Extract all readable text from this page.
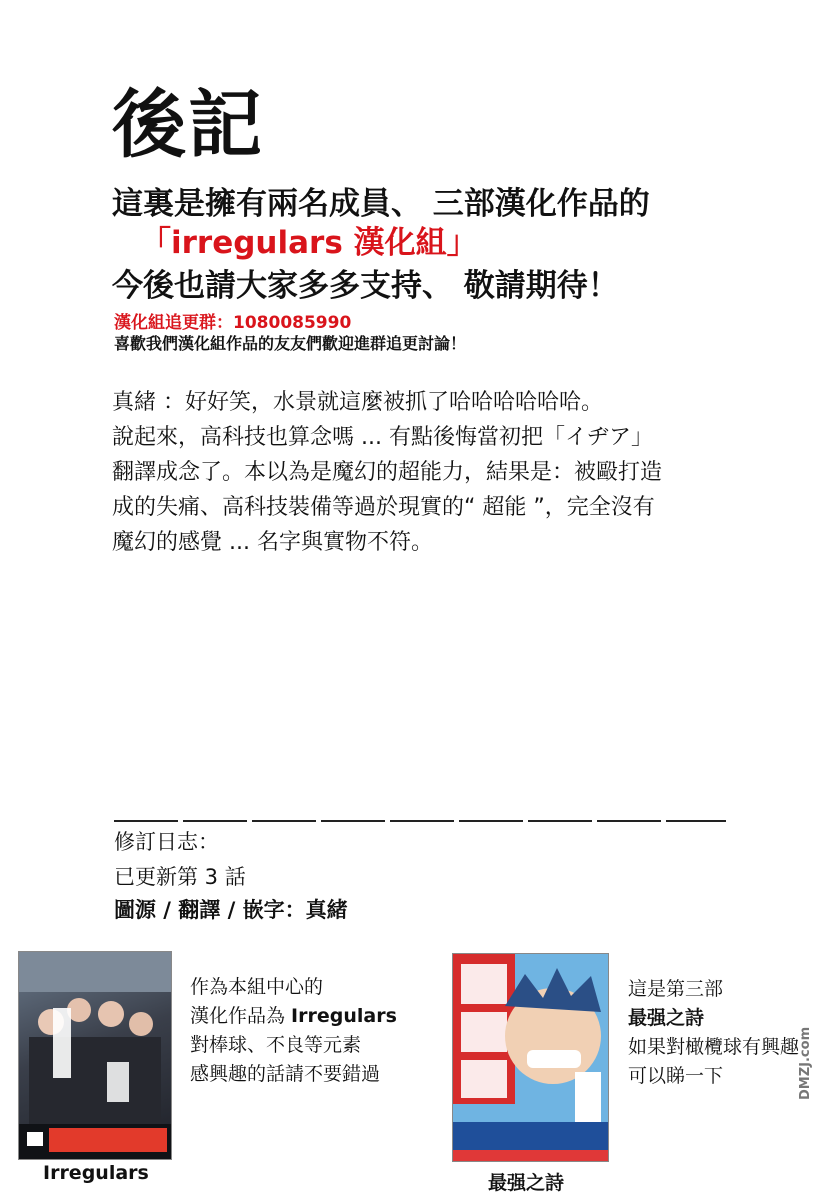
後記
這裏是擁有兩名成員、 三部漢化作品的
「irregulars 漢化組」
今後也請大家多多支持、 敬請期待！
漢化組追更群：1080085990
喜歡我們漢化組作品的友友們歡迎進群追更討論！
真緒 ：好好笑，水景就這麼被抓了哈哈哈哈哈哈。
說起來，高科技也算念嗎 ... 有點後悔當初把「イヂア」
翻譯成念了。本以為是魔幻的超能力，結果是：被毆打造
成的失痛、高科技裝備等過於現實的“ 超能 ”，完全沒有
魔幻的感覺 ... 名字與實物不符。
修訂日志：
已更新第 3 話
圖源 / 翻譯 / 嵌字：真緒
Irregulars
作為本組中心的
漢化作品為 Irregulars
對棒球、不良等元素
感興趣的話請不要錯過
最强之詩
這是第三部
最强之詩
如果對橄欖球有興趣
可以睇一下	DMZJ.com
